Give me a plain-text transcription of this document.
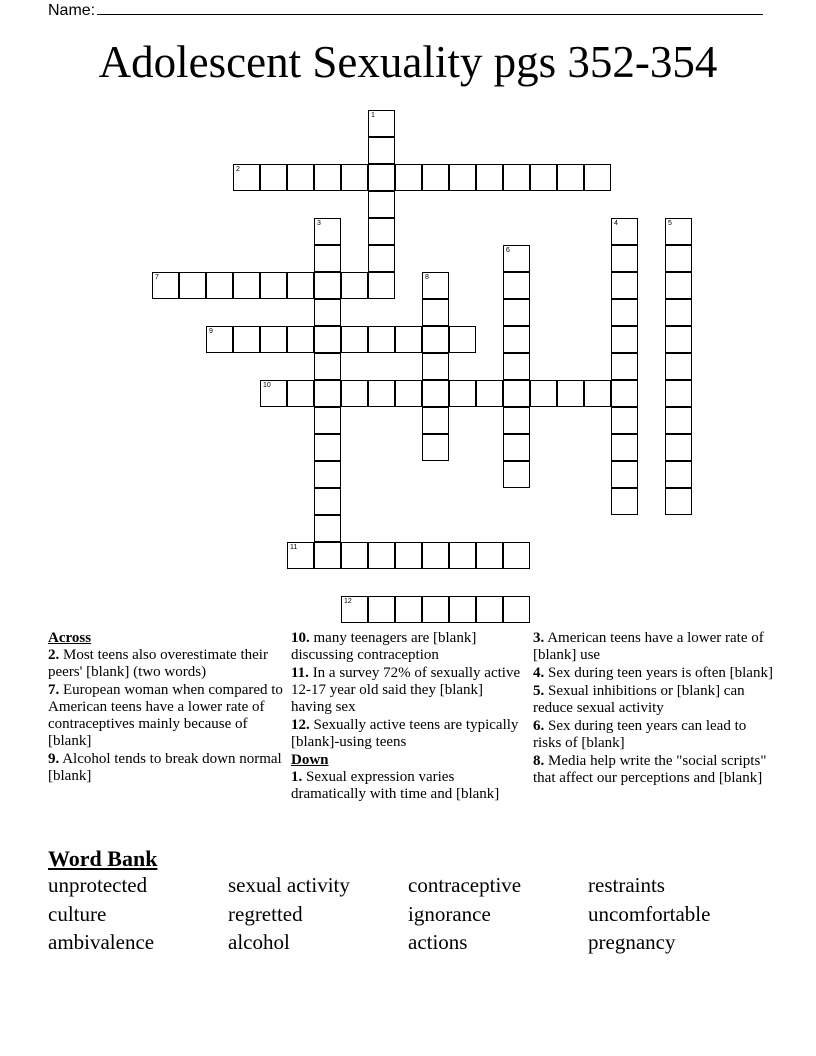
Name:
Adolescent Sexuality pgs 352-354
1
2
3	4	5
6
7	8
9
10
11
12
Across
2. Most teens also overestimate their peers' [blank] (two words)
7. European woman when compared to American teens have a lower rate of contraceptives mainly because of [blank]
9. Alcohol tends to break down normal [blank]
10. many teenagers are [blank] discussing contraception
11. In a survey 72% of sexually active 12-17 year old said they [blank] having sex
12. Sexually active teens are typically [blank]-using teens
Down
1. Sexual expression varies dramatically with time and [blank]
3. American teens have a lower rate of [blank] use
4. Sex during teen years is often [blank]
5. Sexual inhibitions or [blank] can reduce sexual activity
6. Sex during teen years can lead to risks of [blank]
8. Media help write the "social scripts" that affect our perceptions and [blank]
Word Bank
unprotected	sexual activity	contraceptive	restraints
culture	regretted	ignorance	uncomfortable
ambivalence	alcohol	actions	pregnancy
